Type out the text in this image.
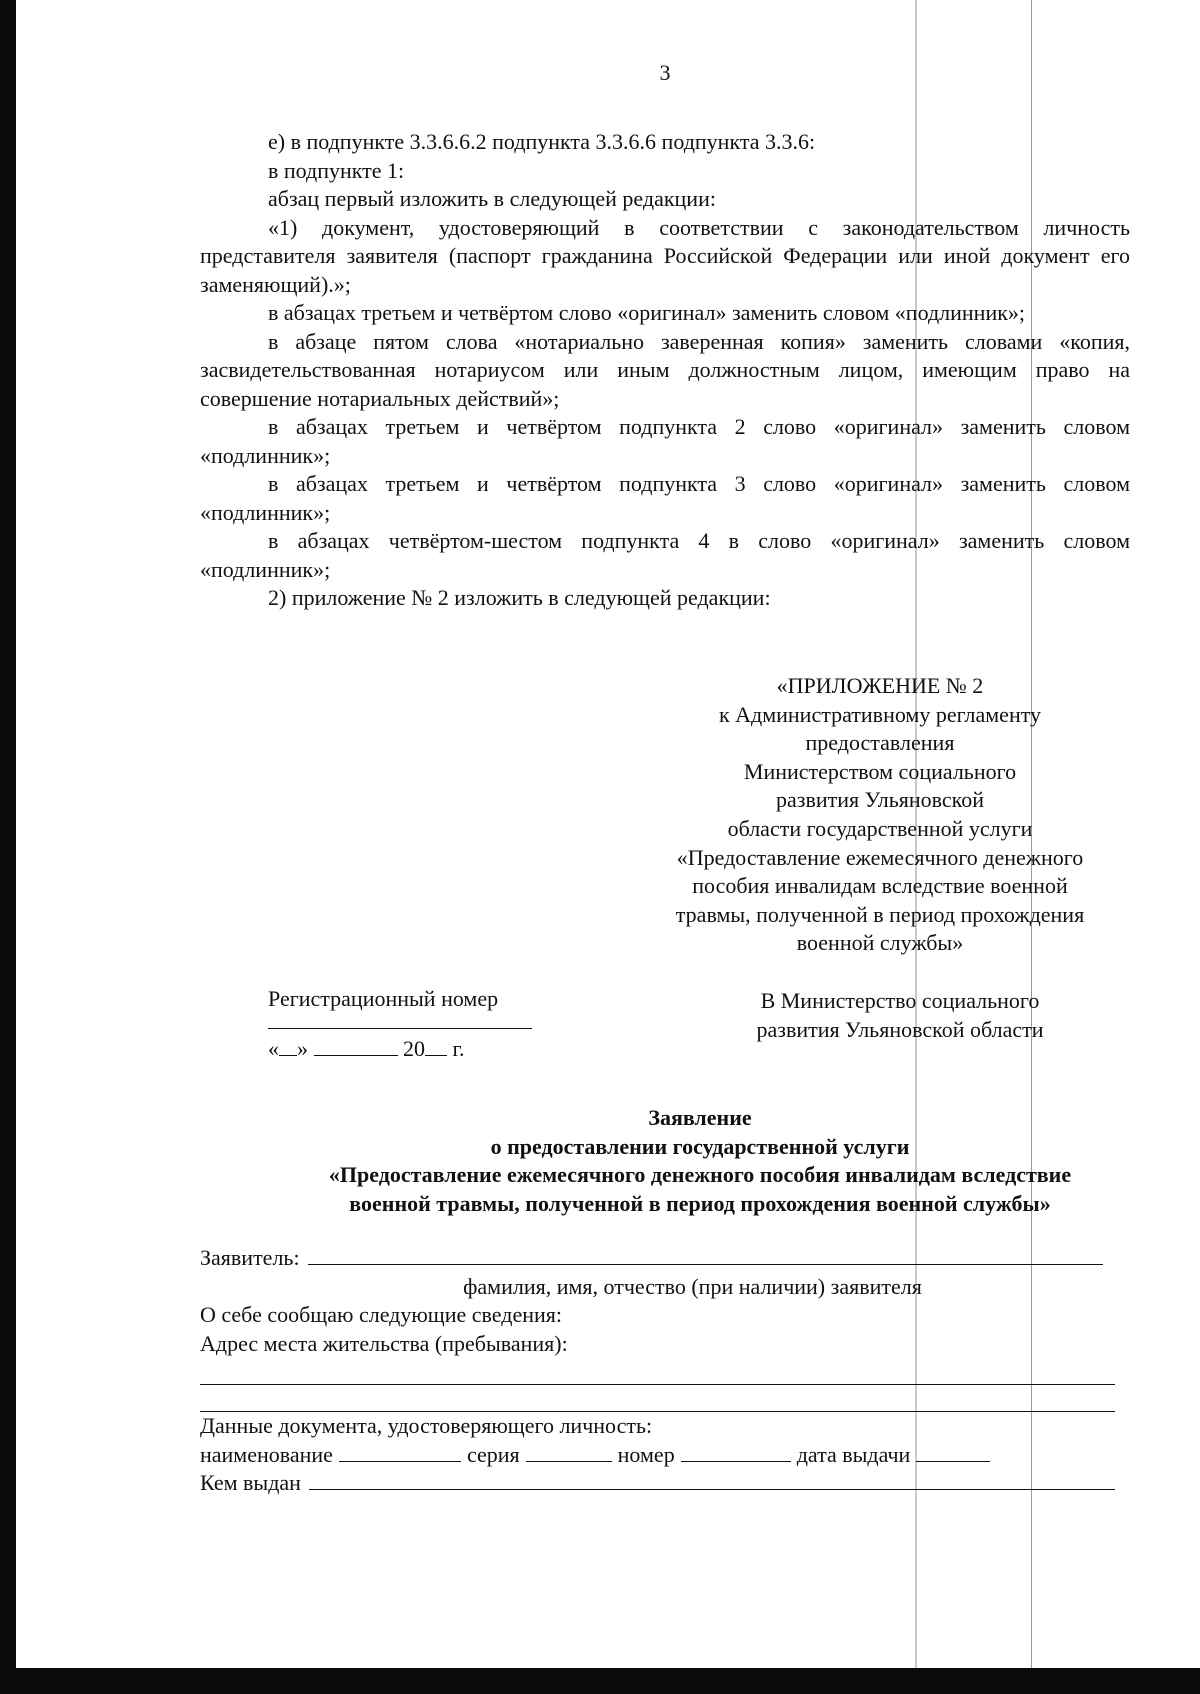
3

е) в подпункте 3.3.6.6.2 подпункта 3.3.6.6 подпункта 3.3.6:

в подпункте 1:

абзац первый изложить в следующей редакции:

«1) документ, удостоверяющий в соответствии с законодательством личность представителя заявителя (паспорт гражданина Российской Федерации или иной документ его заменяющий).»;

в абзацах третьем и четвёртом слово «оригинал» заменить словом «подлинник»;

в абзаце пятом слова «нотариально заверенная копия» заменить словами «копия, засвидетельствованная нотариусом или иным должностным лицом, имеющим право на совершение нотариальных действий»;

в абзацах третьем и четвёртом подпункта 2 слово «оригинал» заменить словом «подлинник»;

в абзацах третьем и четвёртом подпункта 3 слово «оригинал» заменить словом «подлинник»;

в абзацах четвёртом-шестом подпункта 4 в слово «оригинал» заменить словом «подлинник»;

2) приложение № 2 изложить в следующей редакции:

«ПРИЛОЖЕНИЕ № 2
к Административному регламенту
предоставления
Министерством социального
развития Ульяновской
области государственной услуги
«Предоставление ежемесячного денежного
пособия инвалидам вследствие военной
травмы, полученной в период прохождения
военной службы»
Регистрационный номер
« »	20 г.
В Министерство социального
развития Ульяновской области
Заявление
о предоставлении государственной услуги
«Предоставление ежемесячного денежного пособия инвалидам вследствие
военной травмы, полученной в период прохождения военной службы»
Заявитель:
фамилия, имя, отчество (при наличии) заявителя
О себе сообщаю следующие сведения:
Адрес места жительства (пребывания):
Данные документа, удостоверяющего личность:
наименование	серия	номер	дата выдачи
Кем выдан
